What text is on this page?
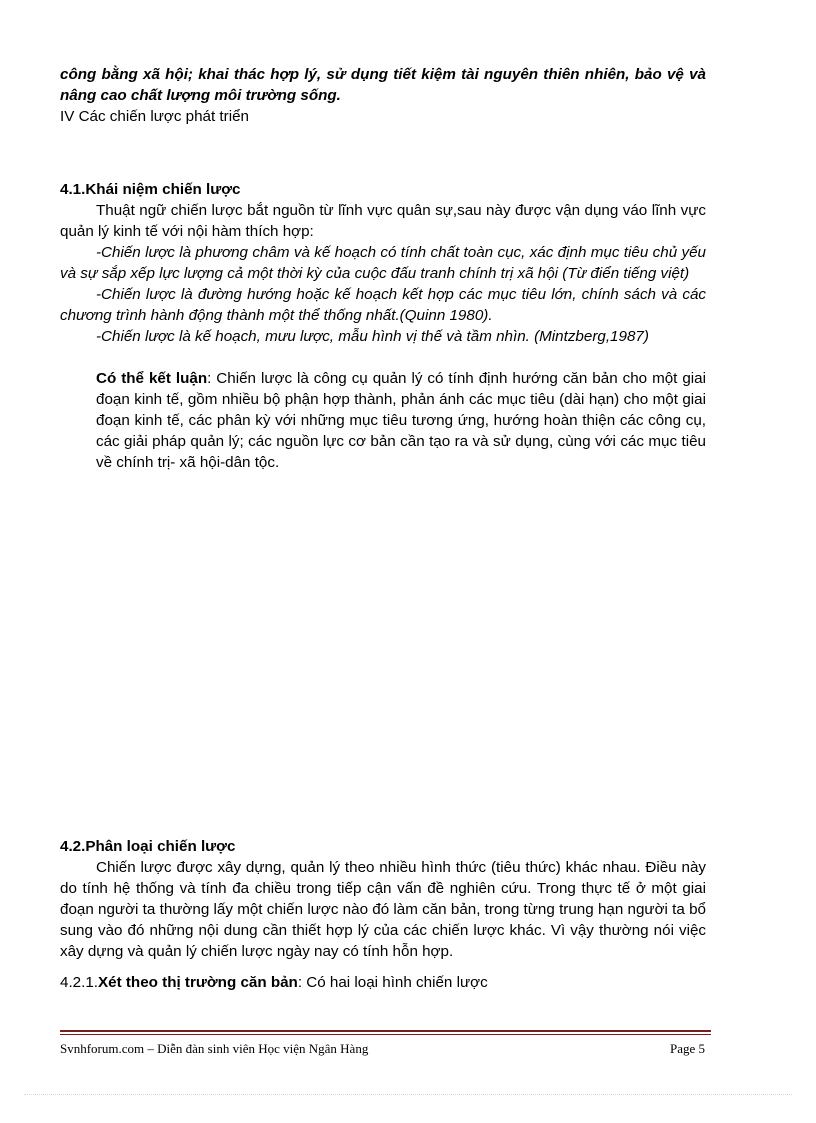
công bằng xã hội; khai thác hợp lý, sử dụng tiết kiệm tài nguyên thiên nhiên, bảo vệ và nâng cao chất lượng môi trường sống.

IV Các chiến lược phát triển
4.1.Khái niệm chiến lược

Thuật ngữ chiến lược bắt nguồn từ lĩnh vực quân sự,sau này được vận dụng váo lĩnh vực quản lý kinh tế với nội hàm thích hợp:

-Chiến lược là phương châm và kế hoạch có tính chất toàn cục, xác định mục tiêu chủ yếu và sự sắp xếp lực lượng cả một thời kỳ của cuộc đấu tranh chính trị xã hội (Từ điển tiếng việt)

-Chiến lược là đường hướng hoặc kế hoạch kết hợp các mục tiêu lớn, chính sách và các chương trình hành động thành một thể thống nhất.(Quinn 1980).

-Chiến lược là kế hoạch, mưu lược, mẫu hình vị thế và tầm nhìn. (Mintzberg,1987)

Có thể kết luận: Chiến lược là công cụ quản lý có tính định hướng căn bản cho một giai đoạn kinh tế, gồm nhiều bộ phận hợp thành, phản ánh các mục tiêu (dài hạn) cho một giai đoạn kinh tế, các phân kỳ với những mục tiêu tương ứng, hướng hoàn thiện các công cụ, các giải pháp quản lý; các nguồn lực cơ bản cần tạo ra và sử dụng, cùng với các mục tiêu về chính trị- xã hội-dân tộc.

4.2.Phân loại chiến lược

Chiến lược được xây dựng, quản lý theo nhiều hình thức (tiêu thức) khác nhau. Điều này do tính hệ thống và tính đa chiều trong tiếp cận vấn đề nghiên cứu. Trong thực tế ở một giai đoạn người ta thường lấy một chiến lược nào đó làm căn bản, trong từng trung hạn người ta bổ sung vào đó những nội dung cần thiết hợp lý của các chiến lược khác. Vì vậy thường nói việc xây dựng và quản lý chiến lược ngày nay có tính hỗn hợp.

4.2.1.Xét theo thị trường căn bản: Có hai loại hình chiến lược
Svnhforum.com – Diễn đàn sinh viên Học viện Ngân Hàng	Page 5
